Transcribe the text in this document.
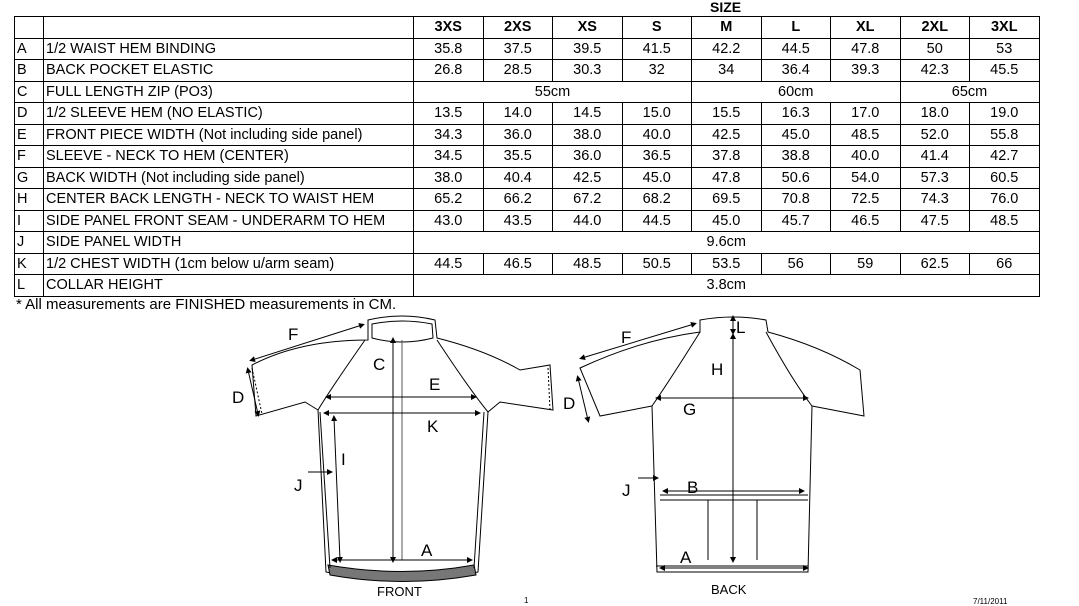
SIZE
		3XS	2XS	XS	S	M	L	XL	2XL	3XL
A	1/2 WAIST HEM BINDING	35.8	37.5	39.5	41.5	42.2	44.5	47.8	50	53
B	BACK POCKET ELASTIC	26.8	28.5	30.3	32	34	36.4	39.3	42.3	45.5
C	FULL LENGTH ZIP (PO3)	55cm				60cm			65cm	
D	1/2 SLEEVE HEM (NO ELASTIC)	13.5	14.0	14.5	15.0	15.5	16.3	17.0	18.0	19.0
E	FRONT PIECE WIDTH (Not including side panel)	34.3	36.0	38.0	40.0	42.5	45.0	48.5	52.0	55.8
F	SLEEVE - NECK TO HEM (CENTER)	34.5	35.5	36.0	36.5	37.8	38.8	40.0	41.4	42.7
G	BACK WIDTH (Not including side panel)	38.0	40.4	42.5	45.0	47.8	50.6	54.0	57.3	60.5
H	CENTER BACK LENGTH - NECK TO WAIST HEM	65.2	66.2	67.2	68.2	69.5	70.8	72.5	74.3	76.0
I	SIDE PANEL FRONT SEAM - UNDERARM TO HEM	43.0	43.5	44.0	44.5	45.0	45.7	46.5	47.5	48.5
J	SIDE PANEL WIDTH	9.6cm								
K	1/2 CHEST WIDTH (1cm below u/arm seam)	44.5	46.5	48.5	50.5	53.5	56	59	62.5	66
L	COLLAR HEIGHT	3.8cm								
* All measurements are FINISHED measurements in CM.
F
C
E
D
K
I
J
A
FRONT
L
F
H
D	G
J	B
A
BACK
1	7/11/2011
